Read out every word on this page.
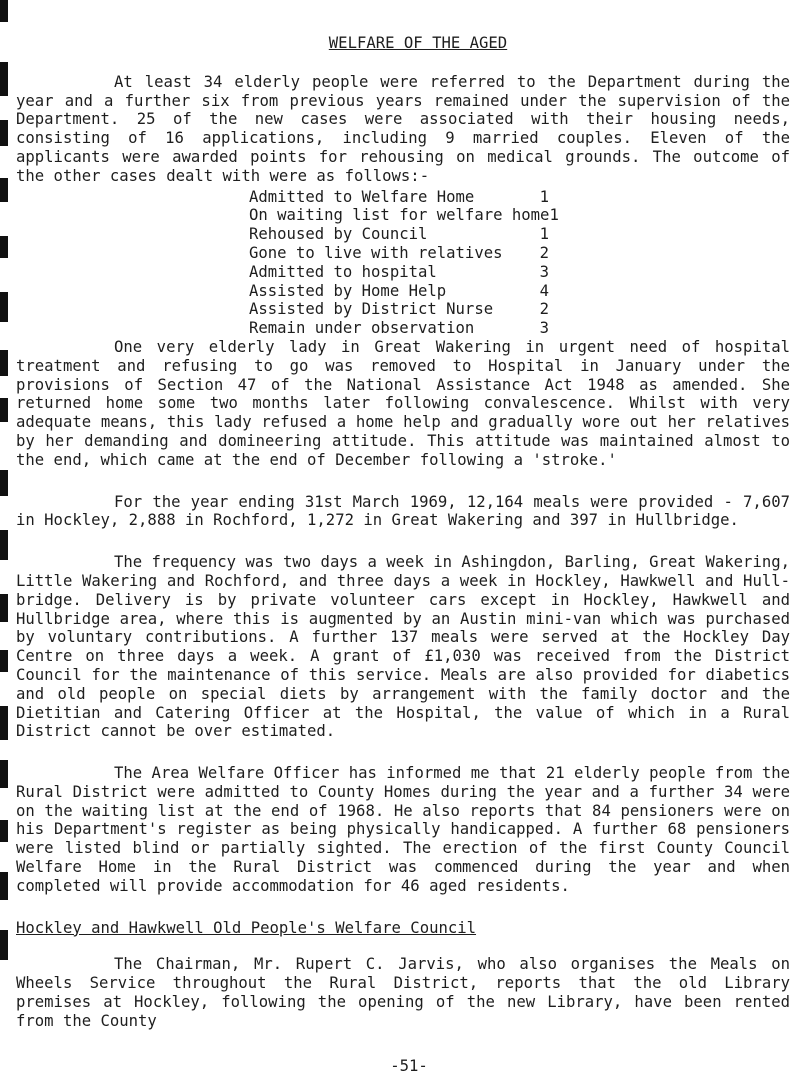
WELFARE OF THE AGED

At least 34 elderly people were referred to the Department during the year and a further six from previous years remained under the supervision of the Department. 25 of the new cases were associated with their housing needs, consisting of 16 applications, including 9 married couples. Eleven of the applicants were awarded points for rehousing on medical grounds. The outcome of the other cases dealt with were as follows:-

Admitted to Welfare Home	1
On waiting list for welfare home 1
Rehoused by Council	1
Gone to live with relatives 2
Admitted to hospital	3
Assisted by Home Help	4
Assisted by District Nurse	2
Remain under observation	3

One very elderly lady in Great Wakering in urgent need of hospital treatment and refusing to go was removed to Hospital in January under the provisions of Section 47 of the National Assistance Act 1948 as amended. She returned home some two months later following convalescence. Whilst with very adequate means, this lady refused a home help and gradually wore out her relatives by her demanding and domineering attitude. This attitude was maintained almost to the end, which came at the end of December following a 'stroke.'

For the year ending 31st March 1969, 12,164 meals were provided - 7,607 in Hockley, 2,888 in Rochford, 1,272 in Great Wakering and 397 in Hullbridge.

The frequency was two days a week in Ashingdon, Barling, Great Wakering, Little Wakering and Rochford, and three days a week in Hockley, Hawkwell and Hull-bridge. Delivery is by private volunteer cars except in Hockley, Hawkwell and Hullbridge area, where this is augmented by an Austin mini-van which was purchased by voluntary contributions. A further 137 meals were served at the Hockley Day Centre on three days a week. A grant of £1,030 was received from the District Council for the maintenance of this service. Meals are also provided for diabetics and old people on special diets by arrangement with the family doctor and the Dietitian and Catering Officer at the Hospital, the value of which in a Rural District cannot be over estimated.

The Area Welfare Officer has informed me that 21 elderly people from the Rural District were admitted to County Homes during the year and a further 34 were on the waiting list at the end of 1968. He also reports that 84 pensioners were on his Department's register as being physically handicapped. A further 68 pensioners were listed blind or partially sighted. The erection of the first County Council Welfare Home in the Rural District was commenced during the year and when completed will provide accommodation for 46 aged residents.

Hockley and Hawkwell Old People's Welfare Council

The Chairman, Mr. Rupert C. Jarvis, who also organises the Meals on Wheels Service throughout the Rural District, reports that the old Library premises at Hockley, following the opening of the new Library, have been rented from the County

-51-
